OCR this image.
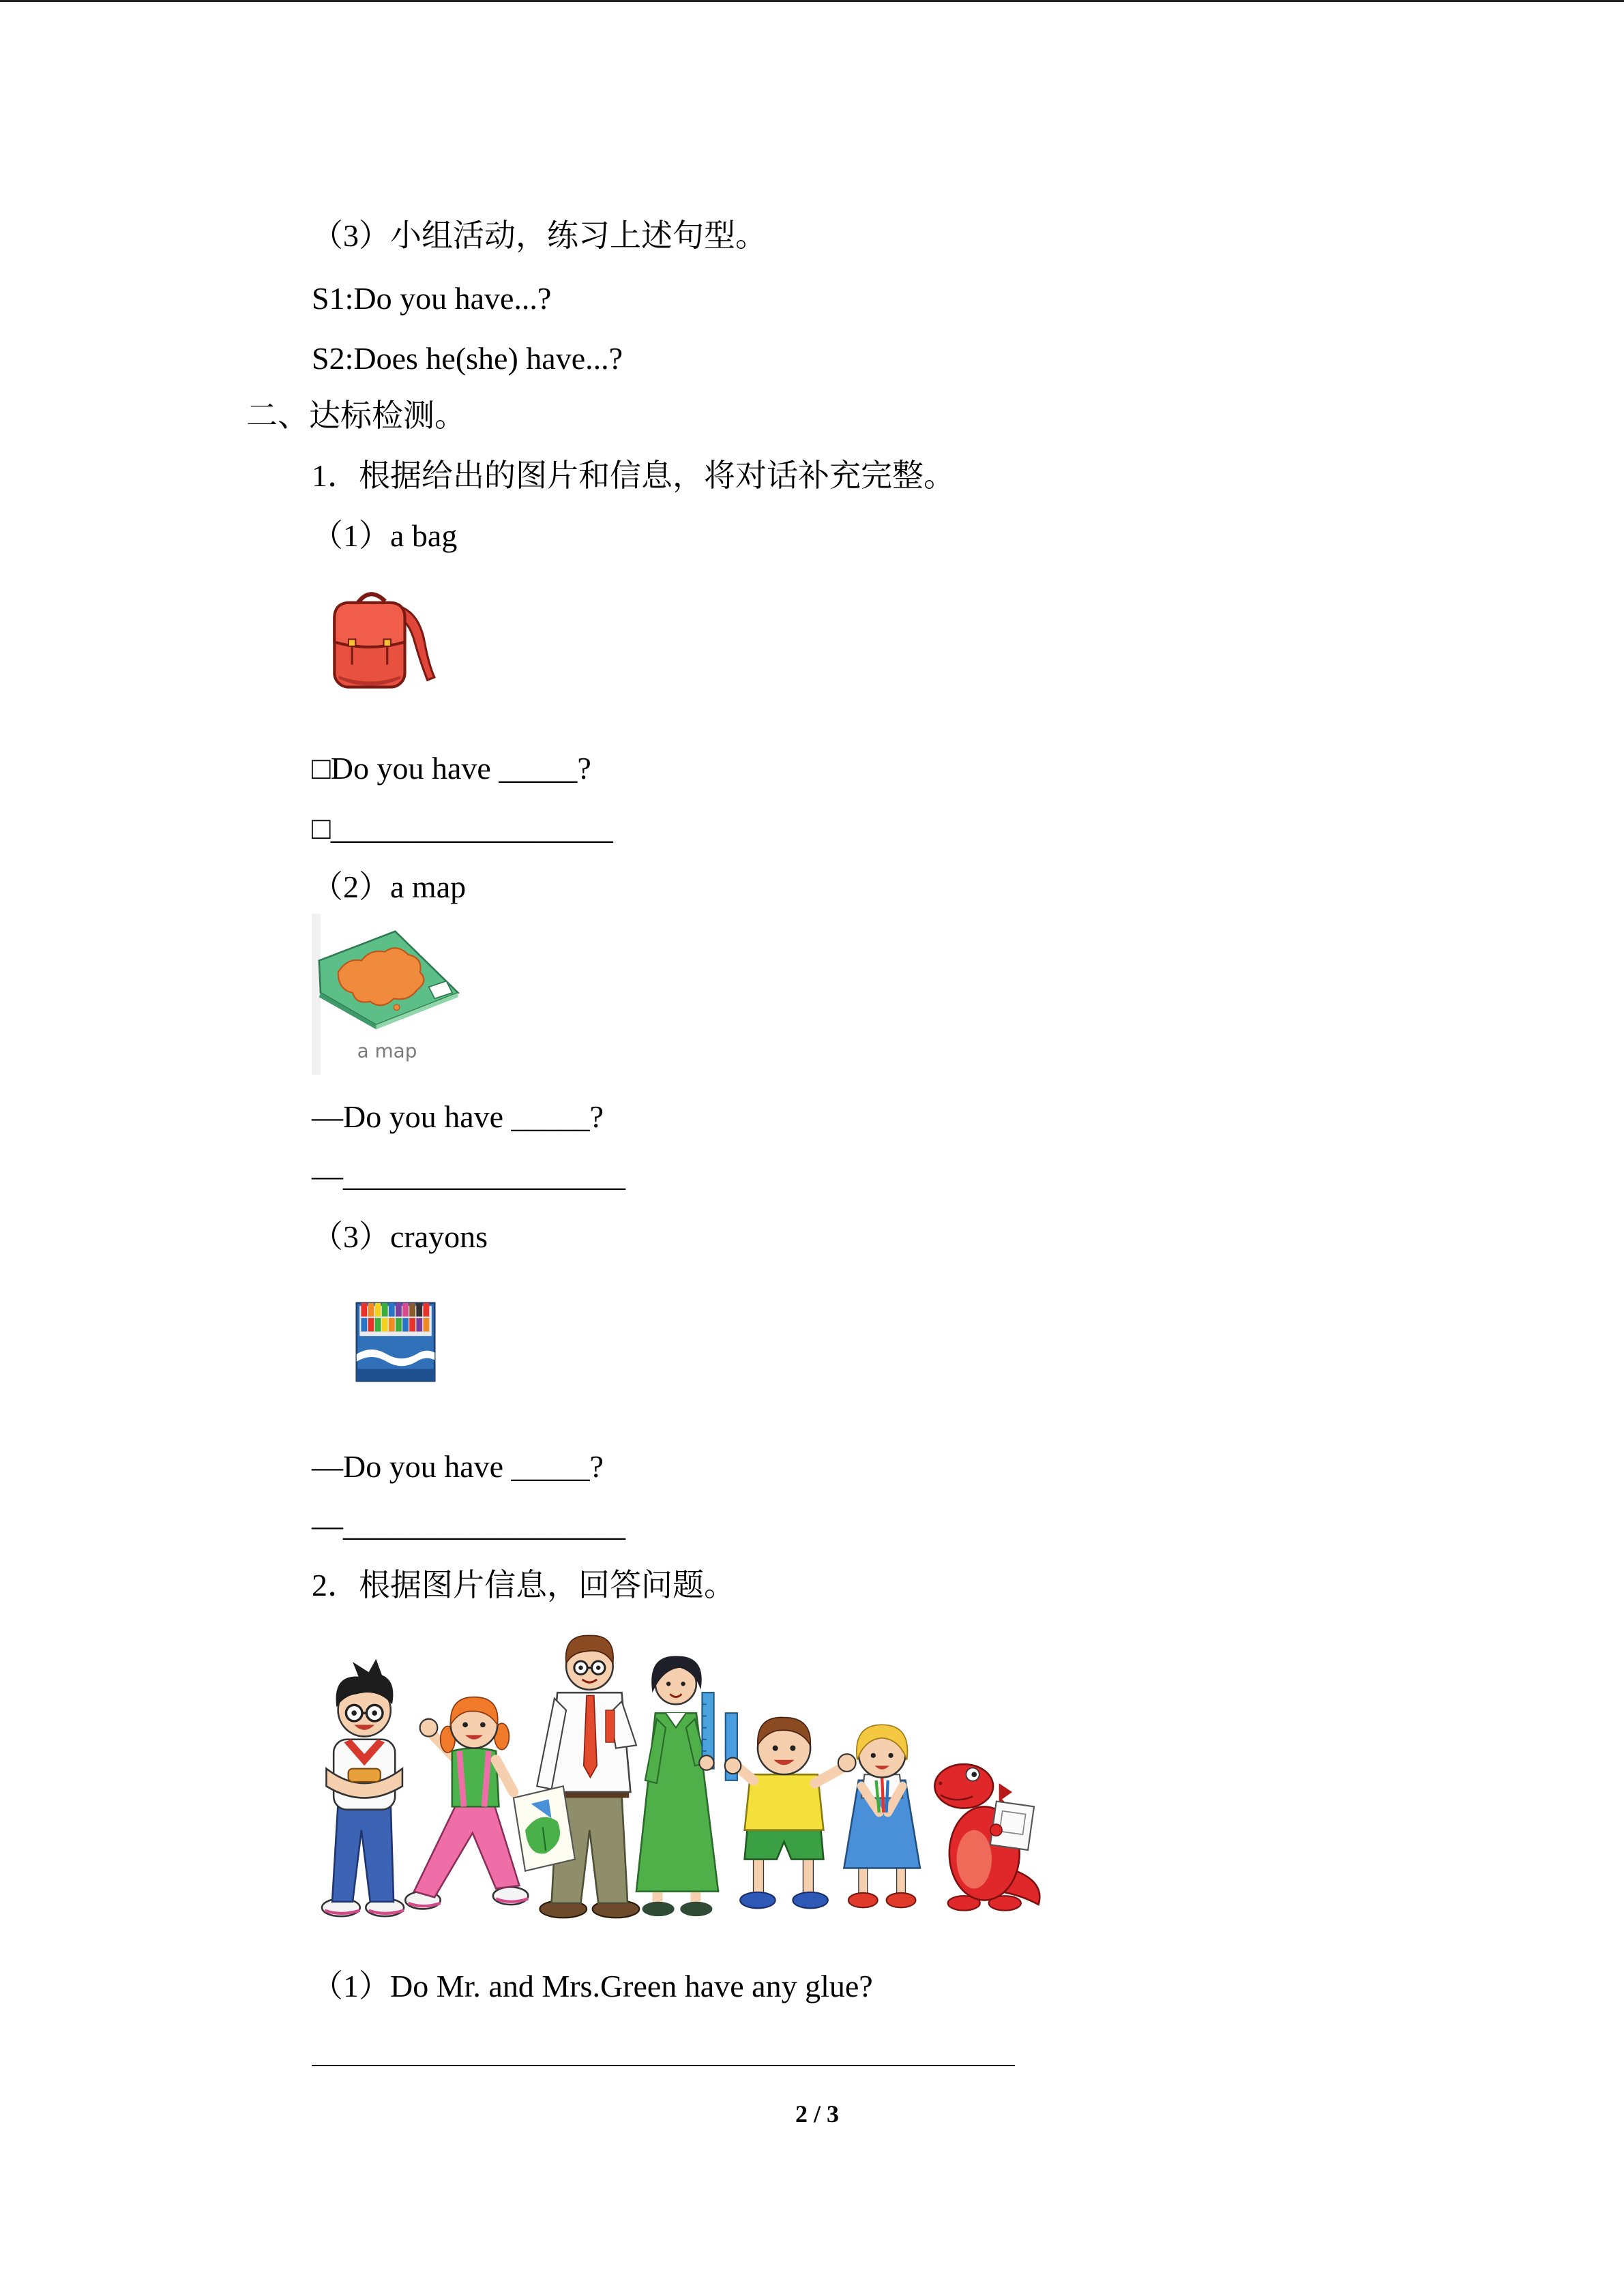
（3）小组活动，练习上述句型。
S1:Do you have...?
S2:Does he(she) have...?
二、达标检测。
1．根据给出的图片和信息，将对话补充完整。
（1）a bag
□Do you have _____?
□__________________
（2）a map
a map
—Do you have _____?
—__________________
（3）crayons
—Do you have _____?
—__________________
2．根据图片信息，回答问题。
（1）Do Mr. and Mrs.Green have any glue?
2 / 3
